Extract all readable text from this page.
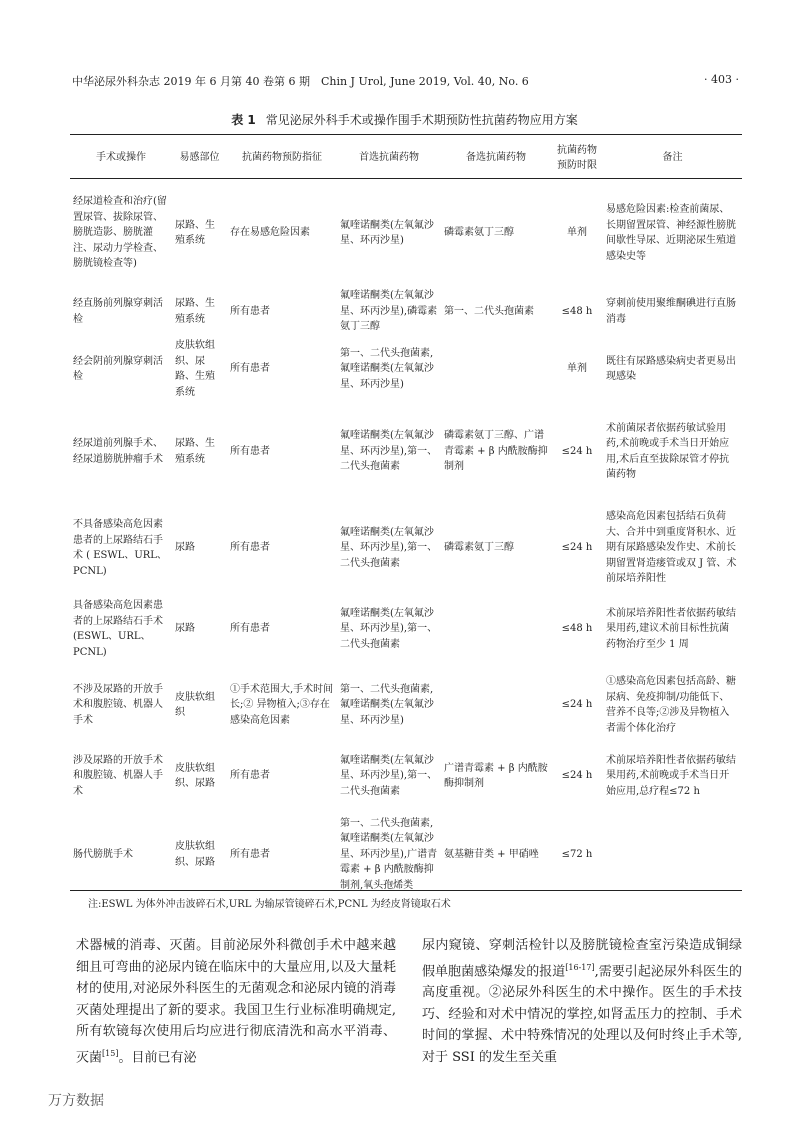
中华泌尿外科杂志 2019 年 6 月第 40 卷第 6 期　Chin J Urol, June 2019, Vol. 40, No. 6	· 403 ·
表 1 常见泌尿外科手术或操作围手术期预防性抗菌药物应用方案
手术或操作	易感部位	抗菌药物预防指征	首选抗菌药物	备选抗菌药物	抗菌药物预防时限	备注
经尿道检查和治疗(留置尿管、拔除尿管、膀胱造影、膀胱灌注、尿动力学检查、膀胱镜检查等)	尿路、生殖系统	存在易感危险因素	氟喹诺酮类(左氧氟沙星、环丙沙星)	磷霉素氨丁三醇	单剂	易感危险因素:检查前菌尿、长期留置尿管、神经源性膀胱间歇性导尿、近期泌尿生殖道感染史等
经直肠前列腺穿刺活检	尿路、生殖系统	所有患者	氟喹诺酮类(左氧氟沙星、环丙沙星),磷霉素氨丁三醇	第一、二代头孢菌素	≤48 h	穿刺前使用聚维酮碘进行直肠消毒
经会阴前列腺穿刺活检	皮肤软组织、尿路、生殖系统	所有患者	第一、二代头孢菌素,氟喹诺酮类(左氧氟沙星、环丙沙星)		单剂	既往有尿路感染病史者更易出现感染
经尿道前列腺手术、经尿道膀胱肿瘤手术	尿路、生殖系统	所有患者	氟喹诺酮类(左氧氟沙星、环丙沙星),第一、二代头孢菌素	磷霉素氨丁三醇、广谱青霉素 + β 内酰胺酶抑制剂	≤24 h	术前菌尿者依据药敏试验用药,术前晚或手术当日开始应用,术后直至拔除尿管才停抗菌药物
不具备感染高危因素患者的上尿路结石手术 ( ESWL、URL、PCNL)	尿路	所有患者	氟喹诺酮类(左氧氟沙星、环丙沙星),第一、二代头孢菌素	磷霉素氨丁三醇	≤24 h	感染高危因素包括结石负荷大、合并中到重度肾积水、近期有尿路感染发作史、术前长期留置肾造瘘管或双 J 管、术前尿培养阳性
具备感染高危因素患者的上尿路结石手术(ESWL、URL、PCNL)	尿路	所有患者	氟喹诺酮类(左氧氟沙星、环丙沙星),第一、二代头孢菌素		≤48 h	术前尿培养阳性者依据药敏结果用药,建议术前目标性抗菌药物治疗至少 1 周
不涉及尿路的开放手术和腹腔镜、机器人手术	皮肤软组织	①手术范围大,手术时间长;② 异物植入;③存在感染高危因素	第一、二代头孢菌素,氟喹诺酮类(左氧氟沙星、环丙沙星)		≤24 h	①感染高危因素包括高龄、糖尿病、免疫抑制/功能低下、营养不良等;②涉及异物植入者需个体化治疗
涉及尿路的开放手术和腹腔镜、机器人手术	皮肤软组织、尿路	所有患者	氟喹诺酮类(左氧氟沙星、环丙沙星),第一、二代头孢菌素	广谱青霉素 + β 内酰胺酶抑制剂	≤24 h	术前尿培养阳性者依据药敏结果用药,术前晚或手术当日开始应用,总疗程≤72 h
肠代膀胱手术	皮肤软组织、尿路	所有患者	第一、二代头孢菌素,氟喹诺酮类(左氧氟沙星、环丙沙星),广谱青霉素 + β 内酰胺酶抑制剂,氧头孢烯类	氨基糖苷类 + 甲硝唑	≤72 h	
注:ESWL 为体外冲击波碎石术,URL 为输尿管镜碎石术,PCNL 为经皮肾镜取石术
术器械的消毒、灭菌。目前泌尿外科微创手术中越来越细且可弯曲的泌尿内镜在临床中的大量应用,以及大量耗材的使用,对泌尿外科医生的无菌观念和泌尿内镜的消毒灭菌处理提出了新的要求。我国卫生行业标准明确规定,所有软镜每次使用后均应进行彻底清洗和高水平消毒、灭菌[15]。目前已有泌
尿内窥镜、穿刺活检针以及膀胱镜检查室污染造成铜绿假单胞菌感染爆发的报道[16-17],需要引起泌尿外科医生的高度重视。②泌尿外科医生的术中操作。医生的手术技巧、经验和对术中情况的掌控,如肾盂压力的控制、手术时间的掌握、术中特殊情况的处理以及何时终止手术等,对于 SSI 的发生至关重
万方数据
